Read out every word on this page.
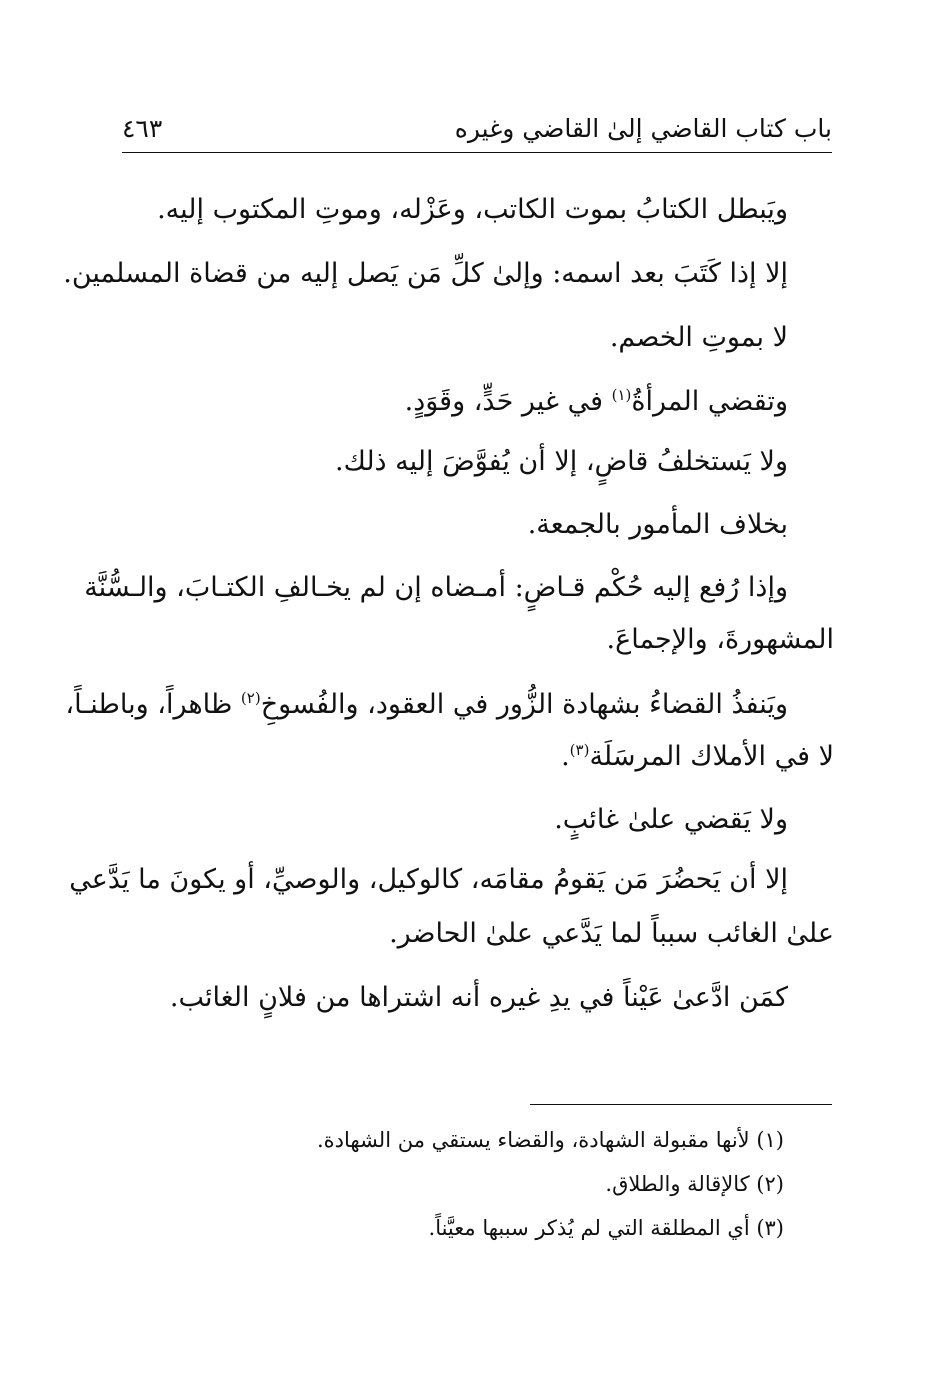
باب كتاب القاضي إلىٰ القاضي وغيره
٤٦٣
ويَبطل الكتابُ بموت الكاتب، وعَزْله، وموتِ المكتوب إليه.
إلا إذا كَتَبَ بعد اسمه: وإلىٰ كلِّ مَن يَصل إليه من قضاة المسلمين.
لا بموتِ الخصم.
وتقضي المرأةُ$^{(١)}$ في غير حَدٍّ، وقَوَدٍ.
ولا يَستخلفُ قاضٍ، إلا أن يُفوَّضَ إليه ذلك.
بخلاف المأمور بالجمعة.
وإذا رُفع إليه حُكْم قـاضٍ: أمـضاه إن لم يخـالفِ الكتـابَ، والـسُّنَّة
المشهورةَ، والإجماعَ.
ويَنفذُ القضاءُ بشهادة الزُّور في العقود، والفُسوخِ$^{(٢)}$ ظاهراً، وباطنـاً،
لا في الأملاك المرسَلَة$^{(٣)}$.
ولا يَقضي علىٰ غائبٍ.
إلا أن يَحضُرَ مَن يَقومُ مقامَه، كالوكيل، والوصيِّ، أو يكونَ ما يَدَّعي
علىٰ الغائب سبباً لما يَدَّعي علىٰ الحاضر.
كمَن ادَّعىٰ عَيْناً في يدِ غيره أنه اشتراها من فلانٍ الغائب.
(١) لأنها مقبولة الشهادة، والقضاء يستقي من الشهادة.
(٢) كالإقالة والطلاق.
(٣) أي المطلقة التي لم يُذكر سببها معيَّناً.
